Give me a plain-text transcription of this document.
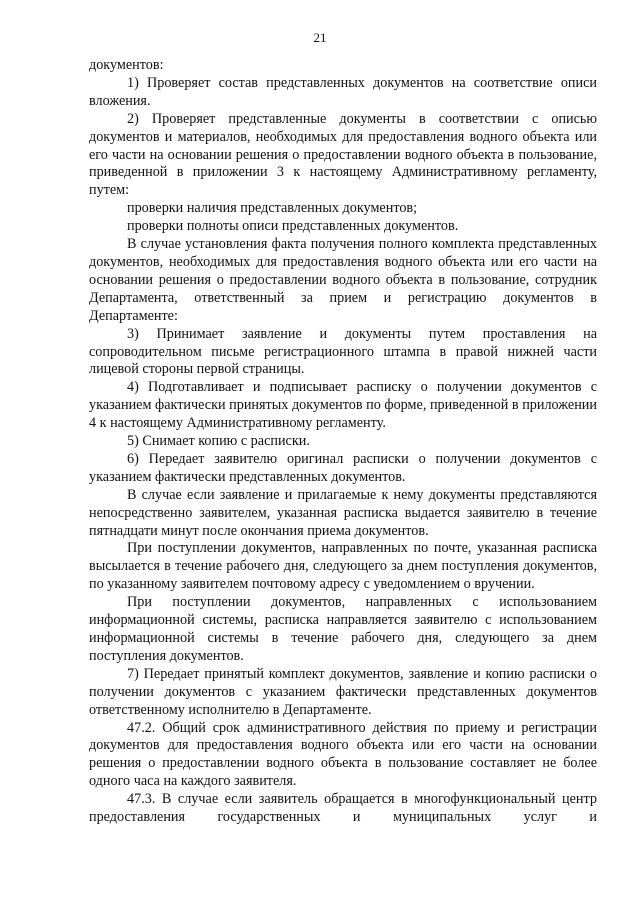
21

документов:

1) Проверяет состав представленных документов на соответствие описи вложения.

2) Проверяет представленные документы в соответствии с описью документов и материалов, необходимых для предоставления водного объекта или его части на основании решения о предоставлении водного объекта в пользование, приведенной в приложении 3 к настоящему Административному регламенту, путем:

проверки наличия представленных документов;

проверки полноты описи представленных документов.

В случае установления факта получения полного комплекта представленных документов, необходимых для предоставления водного объекта или его части на основании решения о предоставлении водного объекта в пользование, сотрудник Департамента, ответственный за прием и регистрацию документов в Департаменте:

3) Принимает заявление и документы путем проставления на сопроводительном письме регистрационного штампа в правой нижней части лицевой стороны первой страницы.

4) Подготавливает и подписывает расписку о получении документов с указанием фактически принятых документов по форме, приведенной в приложении 4 к настоящему Административному регламенту.

5) Снимает копию с расписки.

6) Передает заявителю оригинал расписки о получении документов с указанием фактически представленных документов.

В случае если заявление и прилагаемые к нему документы представляются непосредственно заявителем, указанная расписка выдается заявителю в течение пятнадцати минут после окончания приема документов.

При поступлении документов, направленных по почте, указанная расписка высылается в течение рабочего дня, следующего за днем поступления документов, по указанному заявителем почтовому адресу с уведомлением о вручении.

При поступлении документов, направленных с использованием информационной системы, расписка направляется заявителю с использованием информационной системы в течение рабочего дня, следующего за днем поступления документов.

7) Передает принятый комплект документов, заявление и копию расписки о получении документов с указанием фактически представленных документов ответственному исполнителю в Департаменте.

47.2. Общий срок административного действия по приему и регистрации документов для предоставления водного объекта или его части на основании решения о предоставлении водного объекта в пользование составляет не более одного часа на каждого заявителя.

47.3. В случае если заявитель обращается в многофункциональный центр предоставления государственных и муниципальных услуг и
